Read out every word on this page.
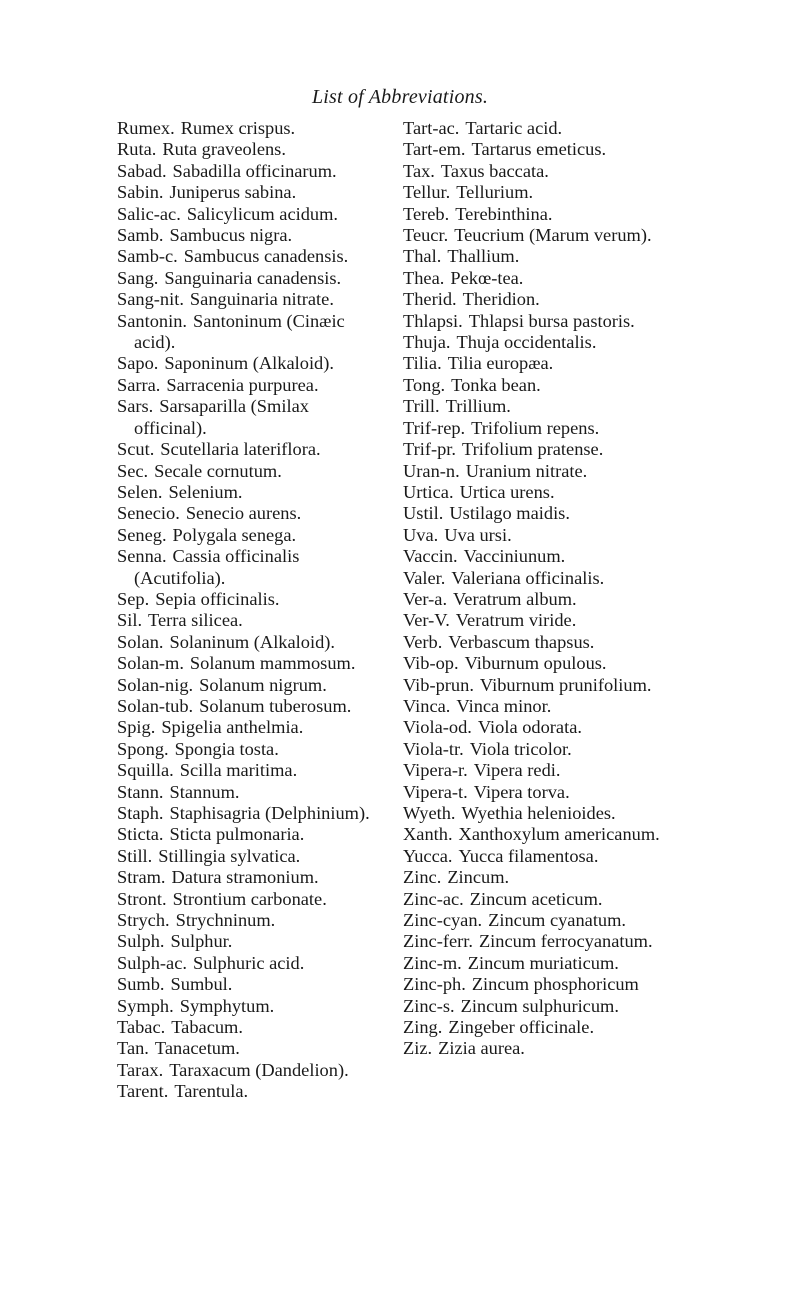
List of Abbreviations.
Rumex. Rumex crispus.
Ruta. Ruta graveolens.
Sabad. Sabadilla officinarum.
Sabin. Juniperus sabina.
Salic-ac. Salicylicum acidum.
Samb. Sambucus nigra.
Samb-c. Sambucus canadensis.
Sang. Sanguinaria canadensis.
Sang-nit. Sanguinaria nitrate.
Santonin. Santoninum (Cinæic acid).
Sapo. Saponinum (Alkaloid).
Sarra. Sarracenia purpurea.
Sars. Sarsaparilla (Smilax officinal).
Scut. Scutellaria lateriflora.
Sec. Secale cornutum.
Selen. Selenium.
Senecio. Senecio aurens.
Seneg. Polygala senega.
Senna. Cassia officinalis (Acutifolia).
Sep. Sepia officinalis.
Sil. Terra silicea.
Solan. Solaninum (Alkaloid).
Solan-m. Solanum mammosum.
Solan-nig. Solanum nigrum.
Solan-tub. Solanum tuberosum.
Spig. Spigelia anthelmia.
Spong. Spongia tosta.
Squilla. Scilla maritima.
Stann. Stannum.
Staph. Staphisagria (Delphinium).
Sticta. Sticta pulmonaria.
Still. Stillingia sylvatica.
Stram. Datura stramonium.
Stront. Strontium carbonate.
Strych. Strychninum.
Sulph. Sulphur.
Sulph-ac. Sulphuric acid.
Sumb. Sumbul.
Symph. Symphytum.
Tabac. Tabacum.
Tan. Tanacetum.
Tarax. Taraxacum (Dandelion).
Tarent. Tarentula.
Tart-ac. Tartaric acid.
Tart-em. Tartarus emeticus.
Tax. Taxus baccata.
Tellur. Tellurium.
Tereb. Terebinthina.
Teucr. Teucrium (Marum verum).
Thal. Thallium.
Thea. Pekœ-tea.
Therid. Theridion.
Thlapsi. Thlapsi bursa pastoris.
Thuja. Thuja occidentalis.
Tilia. Tilia europæa.
Tong. Tonka bean.
Trill. Trillium.
Trif-rep. Trifolium repens.
Trif-pr. Trifolium pratense.
Uran-n. Uranium nitrate.
Urtica. Urtica urens.
Ustil. Ustilago maidis.
Uva. Uva ursi.
Vaccin. Vacciniunum.
Valer. Valeriana officinalis.
Ver-a. Veratrum album.
Ver-V. Veratrum viride.
Verb. Verbascum thapsus.
Vib-op. Viburnum opulous.
Vib-prun. Viburnum prunifolium.
Vinca. Vinca minor.
Viola-od. Viola odorata.
Viola-tr. Viola tricolor.
Vipera-r. Vipera redi.
Vipera-t. Vipera torva.
Wyeth. Wyethia helenioides.
Xanth. Xanthoxylum americanum.
Yucca. Yucca filamentosa.
Zinc. Zincum.
Zinc-ac. Zincum aceticum.
Zinc-cyan. Zincum cyanatum.
Zinc-ferr. Zincum ferrocyanatum.
Zinc-m. Zincum muriaticum.
Zinc-ph. Zincum phosphoricum
Zinc-s. Zincum sulphuricum.
Zing. Zingeber officinale.
Ziz. Zizia aurea.
